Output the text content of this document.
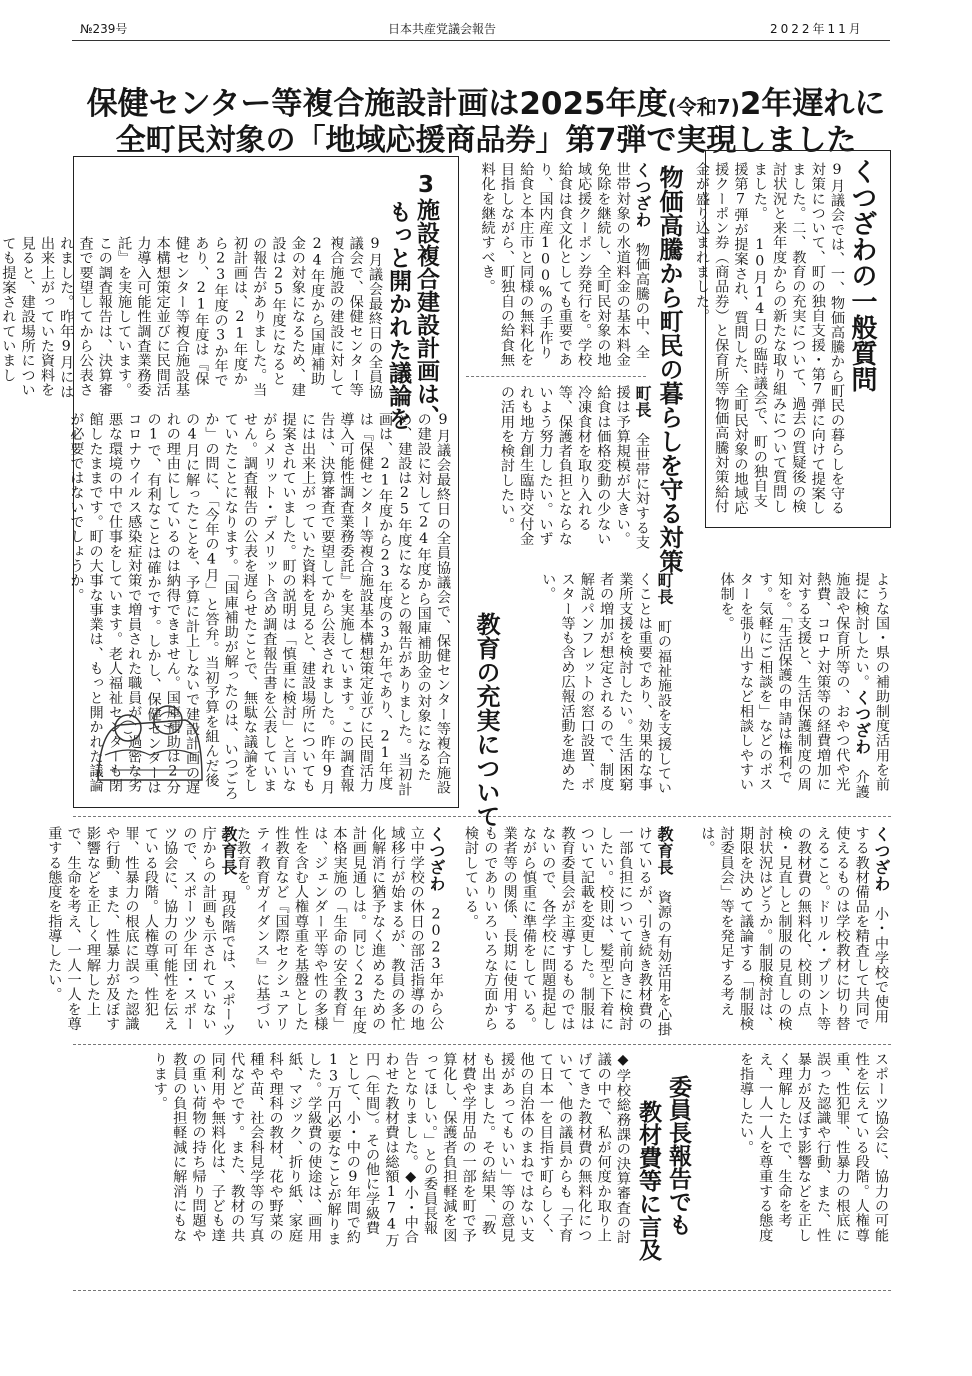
№239号	日本共産党議会報告	2022年11月
保健センター等複合施設計画は2025年度(令和7)2年遅れに
全町民対象の「地域応援商品券」第7弾で実現しました
くつざわの一般質問
9月議会では、一、物価高騰から町民の暮らしを守る対策について、町の独自支援・第7弾に向けて提案しました。二、教育の充実について、過去の質疑後の検討状況と来年度からの新たな取り組みについて質問しました。 10月14日の臨時議会で、町の独自支援第7弾が提案され、質問した、全町民対象の地域応援クーポン券（商品券）と保育所等物価高騰対策給付金が盛り込まれました。
物価高騰から町民の暮らしを守る対策
くつざわ　物価高騰の中、全世帯対象の水道料金の基本料金免除を継続し、全町民対象の地域応援クーポン券発行を。学校給食は食文化としても重要であり、国内産100%の手作り給食と本庄市と同様の無料化を目指しながら、町独自の給食無料化を継続すべき。
町長　全世帯に対する支援は予算規模が大きい。給食は価格変動の少ない冷凍食材を取り入れる等、保護者負担とならないよう努力したい。いずれも地方創生臨時交付金の活用を検討したい。
3施設複合建設計画は、
もっと開かれた議論を
9月議会最終日の全員協議会で、保健センター等複合施設の建設に対して24年度から国庫補助金の対象になるため、建設は25年度になるとの報告がありました。当初計画は、21年度から23年度の3か年であり、21年度は『保健センター等複合施設基本構想策定並びに民間活力導入可能性調査業務委託』を実施しています。この調査報告は、決算審査で要望してから公表されました。昨年9月には出来上がっていた資料を見ると、建設場所についても提案されていまし
9月議会最終日の全員協議会で、保健センター等複合施設の建設に対して24年度から国庫補助金の対象になるため、建設は25年度になるとの報告がありました。当初計画は、21年度から23年度の3か年であり、21年度は『保健センター等複合施設基本構想策定並びに民間活力導入可能性調査業務委託』を実施しています。この調査報告は、決算審査で要望してから公表されました。昨年9月には出来上がっていた資料を見ると、建設場所についても提案されていました。町の説明は「慎重に検討」と言いながらメリット・デメリット含め調査報告書を公表していません。調査報告の公表を遅らせたことで、無駄な議論をしていたことになります。「国庫補助が解ったのは、いつごろか」の問に、「今年の4月」と答弁。当初予算を組んだ後の4月に解ったことを、予算に計上しないで建設計画の遅れの理由にしているのは納得できません。国庫補助は2分の1で、有利なことは確かです。しかし、保健センターはコロナウイルス感染症対策で増員された職員が、過密な劣悪な環境の中で仕事をしています。老人福祉センターも閉館したままです。町の大事な事業は、もっと開かれた議論が必要ではないでしょうか。
教育の充実について	ような国・県の補助制度活用を前提に検討したい。くつざわ　介護施設や保育所等の、おやつ代や光熱費、コロナ対策等の経費増加に対する支援と、生活保護制度の周知を。「生活保護の申請は権利です。気軽にご相談を」などのポスターを張り出すなど相談しやすい体制を。
町長　町の福祉施設を支援していくことは重要であり、効果的な事業所支援を検討したい。生活困窮者の増加が想定されるので、制度解説パンフレットの窓口設置、ポスター等も含め広報活動を進めたい。
くつざわ　小・中学校で使用する教材備品を精査して共同で使えるものは学校教材に切り替えること。ドリル・プリント等の教材費の無料化、校則の点検・見直しと制服の見直しの検討状況はどうか。制服検討は、期限を決めて議論する「制服検討委員会」等を発足する考えは。
教育長　資源の有効活用を心掛けているが、引き続き教材費の一部負担について前向きに検討したい。校則は、髪型と下着について記載を変更した。制服は教育委員会が主導するものではないので、各学校に問題提起しながら慎重に準備をしている。業者等の関係、長期に使用するものでありいろいろな方面から検討している。
くつざわ　2023年から公立中学校の休日の部活指導の地域移行が始まるが、教員の多忙化解消に猶予なく進めるための計画見通しは。同じく23年度本格実施の「生命の安全教育」は、ジェンダー平等や性の多様性を含む人権尊重を基盤とした性教育など『国際セクシュアリティ教育ガイダンス』に基づいた教育を。
教育長　現段階では、スポーツ庁からの計画も示されていないので、スポーツ少年団・スポーツ協会に、協力の可能性を伝えている段階。人権尊重、性犯罪、性暴力の根底に誤った認識や行動、また、性暴力が及ぼす影響などを正しく理解した上で、生命を考え、一人一人を尊重する態度を指導したい。
スポーツ協会に、協力の可能性を伝えている段階。人権尊重、性犯罪、性暴力の根底に誤った認識や行動、また、性暴力が及ぼす影響などを正しく理解した上で、生命を考え、一人一人を尊重する態度を指導したい。
委員長報告でも
教材費等に言及
◆学校総務課の決算審査の討議の中で、私が何度か取り上げてきた教材費の無料化について、他の議員からも「子育て日本一を目指す町らしく、他の自治体のまねではない支援があってもいい」等の意見も出ました。その結果、「教材費や学用品の一部を町で予算化し、保護者負担軽減を図ってほしい。」との委員長報告となりました。◆小・中合わせた教材費は総額174万円（年間）。その他に学級費として、小・中の9年間で約13万円必要なことが解りました。学級費の使途は、画用紙、マジック、折り紙、家庭科や理科の教材、花や野菜の種や苗、社会科見学等の写真代などです。また、教材の共同利用や無料化は、子ども達の重い荷物の持ち帰り問題や教員の負担軽減に解消にもなります。
